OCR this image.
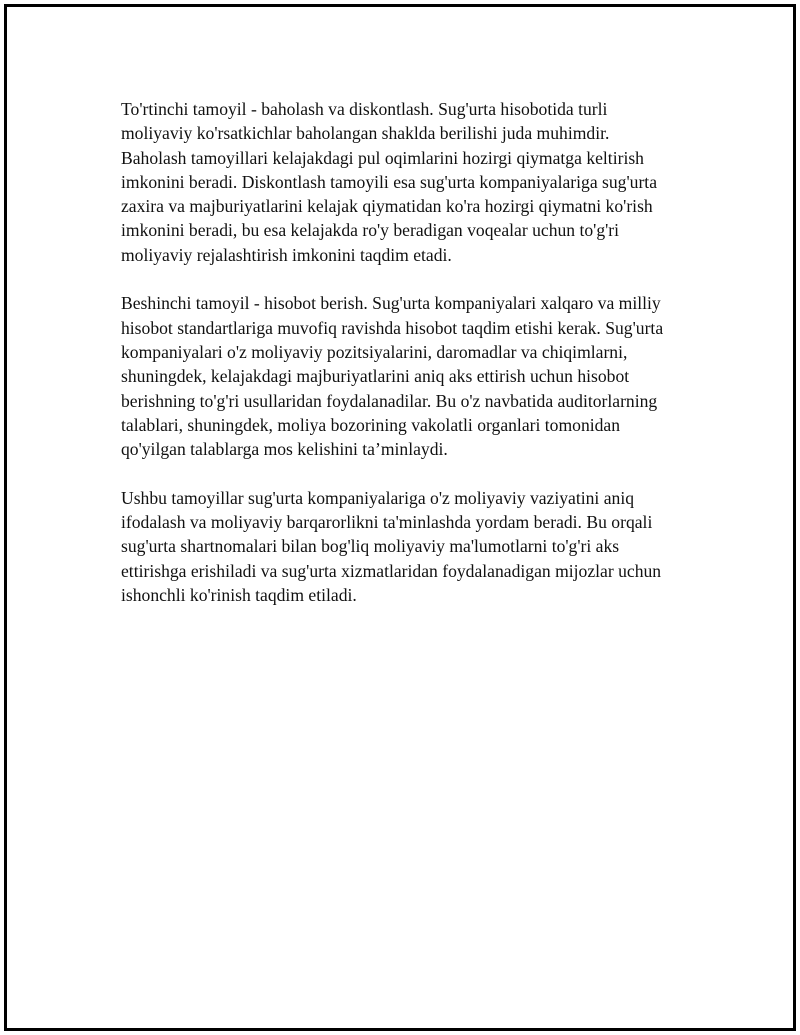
To'rtinchi tamoyil - baholash va diskontlash. Sug'urta hisobotida turli
moliyaviy ko'rsatkichlar baholangan shaklda berilishi juda muhimdir.
Baholash tamoyillari kelajakdagi pul oqimlarini hozirgi qiymatga keltirish
imkonini beradi. Diskontlash tamoyili esa sug'urta kompaniyalariga sug'urta
zaxira va majburiyatlarini kelajak qiymatidan ko'ra hozirgi qiymatni ko'rish
imkonini beradi, bu esa kelajakda ro'y beradigan voqealar uchun to'g'ri
moliyaviy rejalashtirish imkonini taqdim etadi.

Beshinchi tamoyil - hisobot berish. Sug'urta kompaniyalari xalqaro va milliy
hisobot standartlariga muvofiq ravishda hisobot taqdim etishi kerak. Sug'urta
kompaniyalari o'z moliyaviy pozitsiyalarini, daromadlar va chiqimlarni,
shuningdek, kelajakdagi majburiyatlarini aniq aks ettirish uchun hisobot
berishning to'g'ri usullaridan foydalanadilar. Bu o'z navbatida auditorlarning
talablari, shuningdek, moliya bozorining vakolatli organlari tomonidan
qo'yilgan talablarga mos kelishini ta’minlaydi.

Ushbu tamoyillar sug'urta kompaniyalariga o'z moliyaviy vaziyatini aniq
ifodalash va moliyaviy barqarorlikni ta'minlashda yordam beradi. Bu orqali
sug'urta shartnomalari bilan bog'liq moliyaviy ma'lumotlarni to'g'ri aks
ettirishga erishiladi va sug'urta xizmatlaridan foydalanadigan mijozlar uchun
ishonchli ko'rinish taqdim etiladi.
